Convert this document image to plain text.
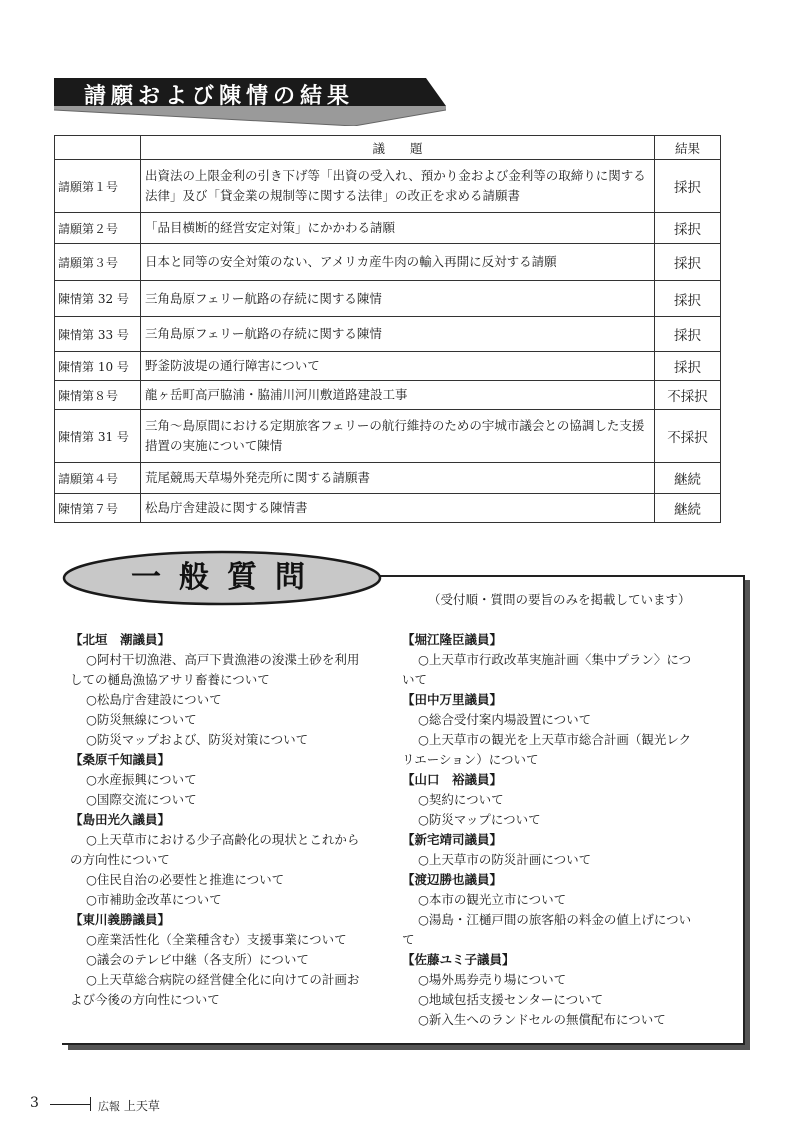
請願および陳情の結果
	議　　題	結果
請願第１号	出資法の上限金利の引き下げ等「出資の受入れ、預かり金および金利等の取締りに関する法律」及び「貸金業の規制等に関する法律」の改正を求める請願書	採択
請願第２号	「品目横断的経営安定対策」にかかわる請願	採択
請願第３号	日本と同等の安全対策のない、アメリカ産牛肉の輸入再開に反対する請願	採択
陳情第 32 号	三角島原フェリー航路の存続に関する陳情	採択
陳情第 33 号	三角島原フェリー航路の存続に関する陳情	採択
陳情第 10 号	野釜防波堤の通行障害について	採択
陳情第８号	龍ヶ岳町高戸脇浦・脇浦川河川敷道路建設工事	不採択
陳情第 31 号	三角～島原間における定期旅客フェリーの航行維持のための宇城市議会との協調した支援措置の実施について陳情	不採択
請願第４号	荒尾競馬天草場外発売所に関する請願書	継続
陳情第７号	松島庁舎建設に関する陳情書	継続
一般質問
（受付順・質問の要旨のみを掲載しています）
【北垣　潮議員】
○阿村干切漁港、高戸下貴漁港の浚渫土砂を利用しての樋島漁協アサリ畜養について
○松島庁舎建設について
○防災無線について
○防災マップおよび、防災対策について
【桑原千知議員】
○水産振興について
○国際交流について
【島田光久議員】
○上天草市における少子高齢化の現状とこれからの方向性について
○住民自治の必要性と推進について
○市補助金改革について
【東川義勝議員】
○産業活性化（全業種含む）支援事業について
○議会のテレビ中継（各支所）について
○上天草総合病院の経営健全化に向けての計画および今後の方向性について
【堀江隆臣議員】
○上天草市行政改革実施計画〈集中プラン〉について
【田中万里議員】
○総合受付案内場設置について
○上天草市の観光を上天草市総合計画（観光レクリエーション）について
【山口　裕議員】
○契約について
○防災マップについて
【新宅靖司議員】
○上天草市の防災計画について
【渡辺勝也議員】
○本市の観光立市について
○湯島・江樋戸間の旅客船の料金の値上げについて
【佐藤ユミ子議員】
○場外馬券売り場について
○地域包括支援センターについて
○新入生へのランドセルの無償配布について
3	広報 上天草
